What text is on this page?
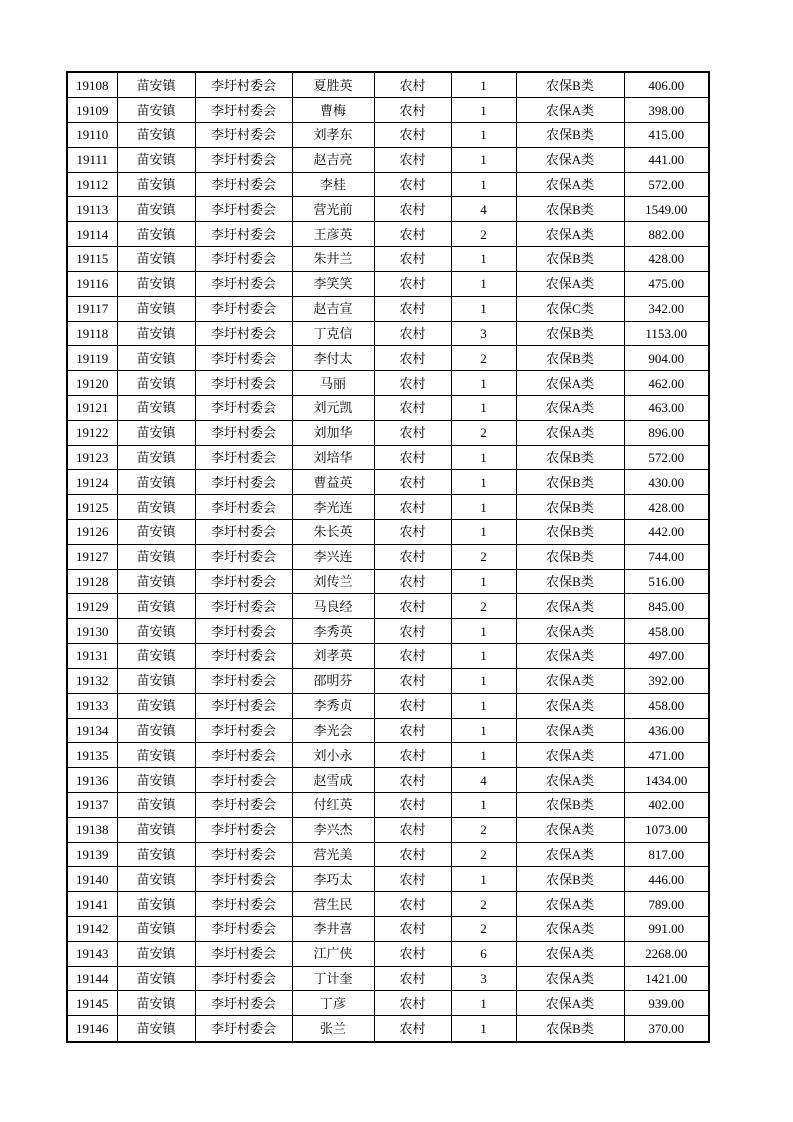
19108	苗安镇	李圩村委会	夏胜英	农村	1	农保B类	406.00
19109	苗安镇	李圩村委会	曹梅	农村	1	农保A类	398.00
19110	苗安镇	李圩村委会	刘孝东	农村	1	农保B类	415.00
19111	苗安镇	李圩村委会	赵吉亮	农村	1	农保A类	441.00
19112	苗安镇	李圩村委会	李桂	农村	1	农保A类	572.00
19113	苗安镇	李圩村委会	营光前	农村	4	农保B类	1549.00
19114	苗安镇	李圩村委会	王彦英	农村	2	农保A类	882.00
19115	苗安镇	李圩村委会	朱井兰	农村	1	农保B类	428.00
19116	苗安镇	李圩村委会	李笑笑	农村	1	农保A类	475.00
19117	苗安镇	李圩村委会	赵吉宣	农村	1	农保C类	342.00
19118	苗安镇	李圩村委会	丁克信	农村	3	农保B类	1153.00
19119	苗安镇	李圩村委会	李付太	农村	2	农保B类	904.00
19120	苗安镇	李圩村委会	马丽	农村	1	农保A类	462.00
19121	苗安镇	李圩村委会	刘元凯	农村	1	农保A类	463.00
19122	苗安镇	李圩村委会	刘加华	农村	2	农保A类	896.00
19123	苗安镇	李圩村委会	刘培华	农村	1	农保B类	572.00
19124	苗安镇	李圩村委会	曹益英	农村	1	农保B类	430.00
19125	苗安镇	李圩村委会	李光连	农村	1	农保B类	428.00
19126	苗安镇	李圩村委会	朱长英	农村	1	农保B类	442.00
19127	苗安镇	李圩村委会	李兴连	农村	2	农保B类	744.00
19128	苗安镇	李圩村委会	刘传兰	农村	1	农保B类	516.00
19129	苗安镇	李圩村委会	马良经	农村	2	农保A类	845.00
19130	苗安镇	李圩村委会	李秀英	农村	1	农保A类	458.00
19131	苗安镇	李圩村委会	刘孝英	农村	1	农保A类	497.00
19132	苗安镇	李圩村委会	邵明芬	农村	1	农保A类	392.00
19133	苗安镇	李圩村委会	李秀贞	农村	1	农保A类	458.00
19134	苗安镇	李圩村委会	李光会	农村	1	农保A类	436.00
19135	苗安镇	李圩村委会	刘小永	农村	1	农保A类	471.00
19136	苗安镇	李圩村委会	赵雪成	农村	4	农保A类	1434.00
19137	苗安镇	李圩村委会	付红英	农村	1	农保B类	402.00
19138	苗安镇	李圩村委会	李兴杰	农村	2	农保A类	1073.00
19139	苗安镇	李圩村委会	营光美	农村	2	农保A类	817.00
19140	苗安镇	李圩村委会	李巧太	农村	1	农保B类	446.00
19141	苗安镇	李圩村委会	营生民	农村	2	农保A类	789.00
19142	苗安镇	李圩村委会	李井喜	农村	2	农保A类	991.00
19143	苗安镇	李圩村委会	江广侠	农村	6	农保A类	2268.00
19144	苗安镇	李圩村委会	丁计奎	农村	3	农保A类	1421.00
19145	苗安镇	李圩村委会	丁彦	农村	1	农保A类	939.00
19146	苗安镇	李圩村委会	张兰	农村	1	农保B类	370.00
